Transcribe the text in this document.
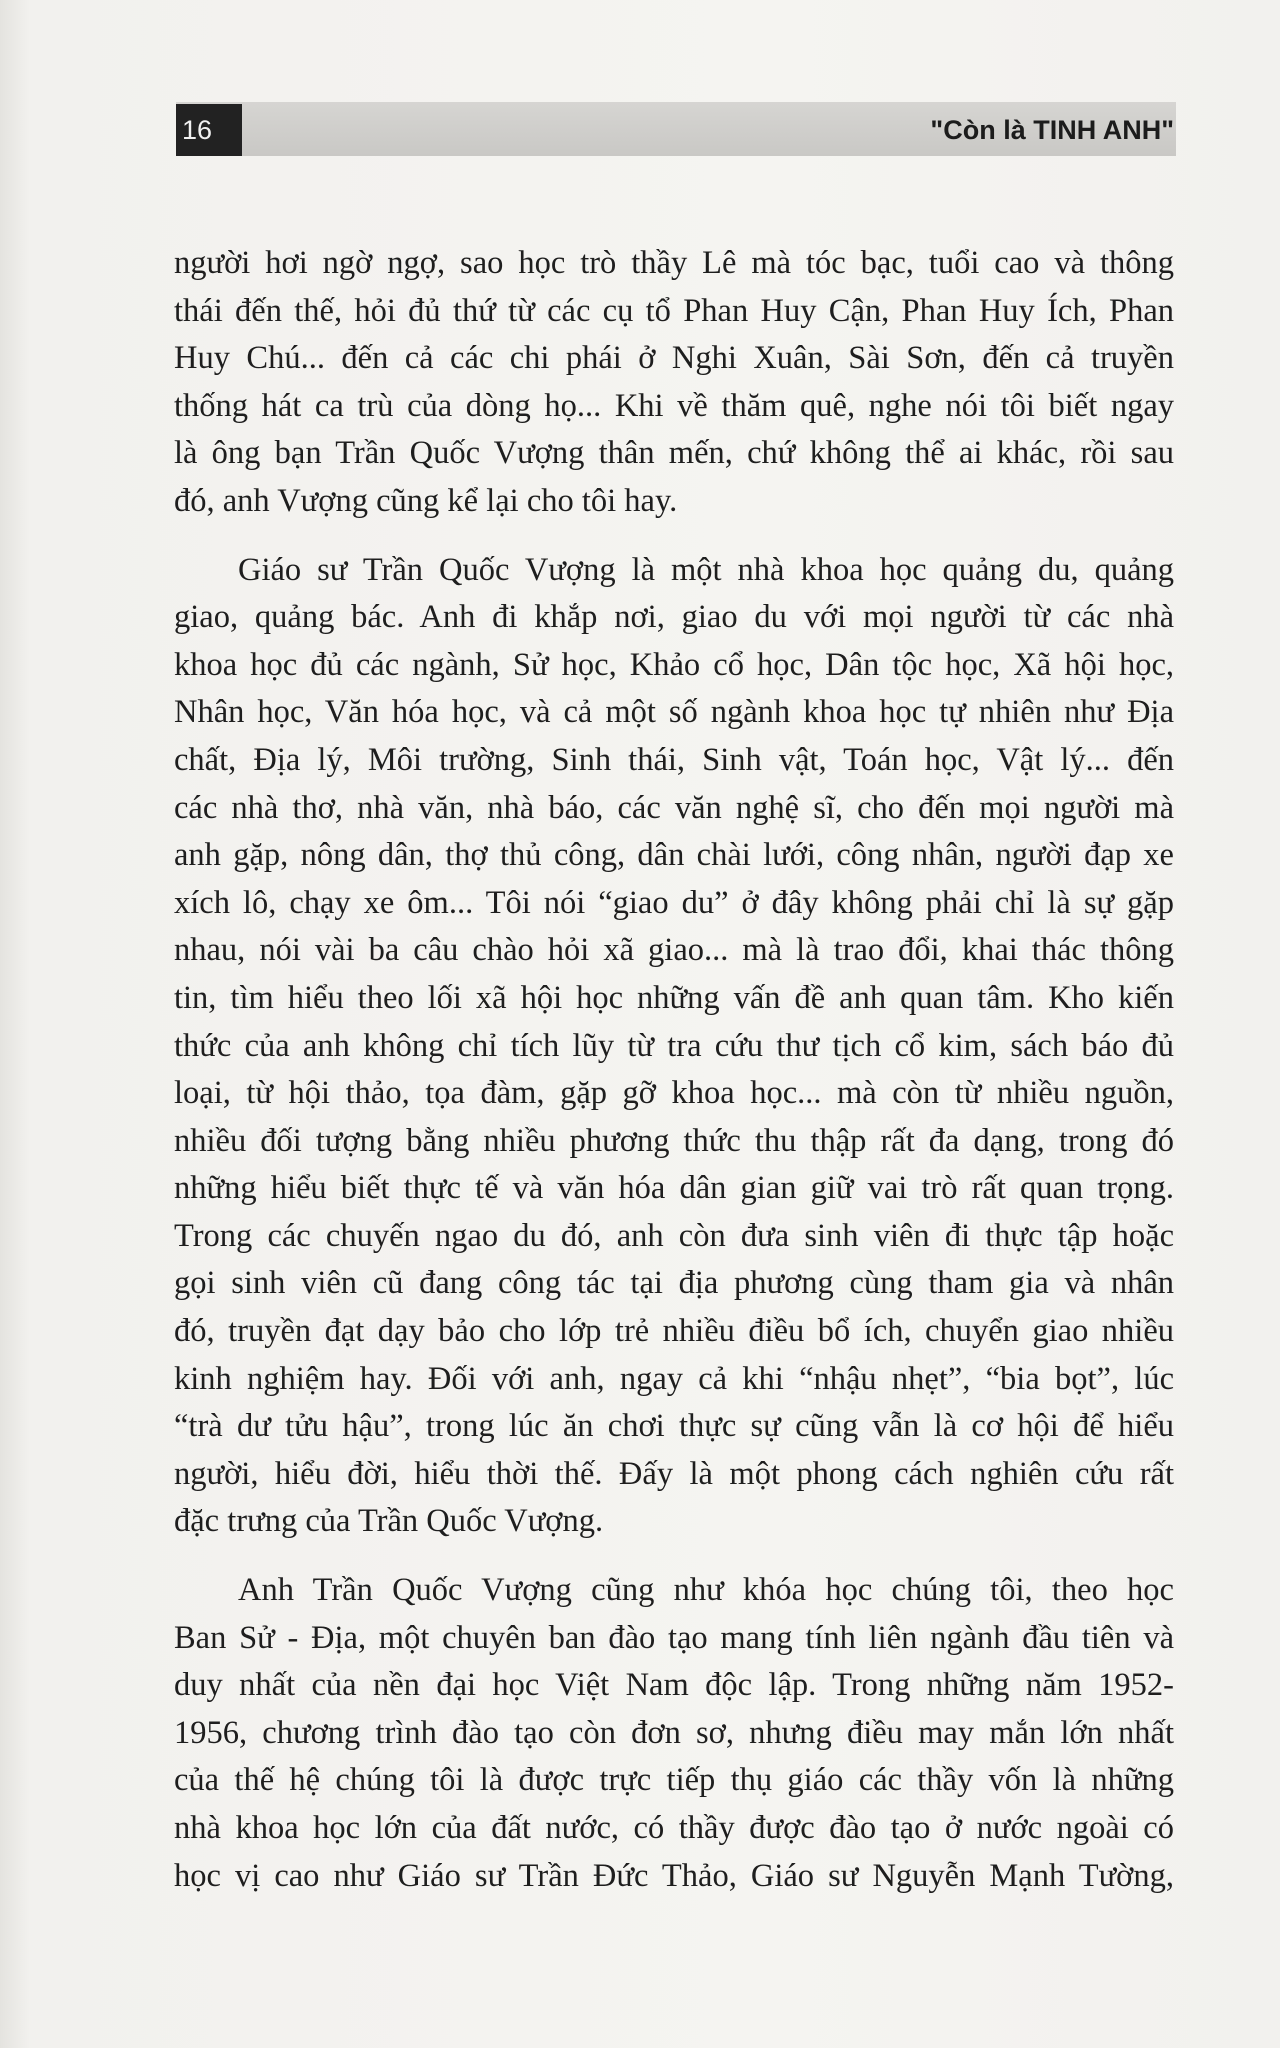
16	"Còn là TINH ANH"
người hơi ngờ ngợ, sao học trò thầy Lê mà tóc bạc, tuổi cao và thông
thái đến thế, hỏi đủ thứ từ các cụ tổ Phan Huy Cận, Phan Huy Ích, Phan
Huy Chú... đến cả các chi phái ở Nghi Xuân, Sài Sơn, đến cả truyền
thống hát ca trù của dòng họ... Khi về thăm quê, nghe nói tôi biết ngay
là ông bạn Trần Quốc Vượng thân mến, chứ không thể ai khác, rồi sau
đó, anh Vượng cũng kể lại cho tôi hay.
Giáo sư Trần Quốc Vượng là một nhà khoa học quảng du, quảng
giao, quảng bác. Anh đi khắp nơi, giao du với mọi người từ các nhà
khoa học đủ các ngành, Sử học, Khảo cổ học, Dân tộc học, Xã hội học,
Nhân học, Văn hóa học, và cả một số ngành khoa học tự nhiên như Địa
chất, Địa lý, Môi trường, Sinh thái, Sinh vật, Toán học, Vật lý... đến
các nhà thơ, nhà văn, nhà báo, các văn nghệ sĩ, cho đến mọi người mà
anh gặp, nông dân, thợ thủ công, dân chài lưới, công nhân, người đạp xe
xích lô, chạy xe ôm... Tôi nói “giao du” ở đây không phải chỉ là sự gặp
nhau, nói vài ba câu chào hỏi xã giao... mà là trao đổi, khai thác thông
tin, tìm hiểu theo lối xã hội học những vấn đề anh quan tâm. Kho kiến
thức của anh không chỉ tích lũy từ tra cứu thư tịch cổ kim, sách báo đủ
loại, từ hội thảo, tọa đàm, gặp gỡ khoa học... mà còn từ nhiều nguồn,
nhiều đối tượng bằng nhiều phương thức thu thập rất đa dạng, trong đó
những hiểu biết thực tế và văn hóa dân gian giữ vai trò rất quan trọng.
Trong các chuyến ngao du đó, anh còn đưa sinh viên đi thực tập hoặc
gọi sinh viên cũ đang công tác tại địa phương cùng tham gia và nhân
đó, truyền đạt dạy bảo cho lớp trẻ nhiều điều bổ ích, chuyển giao nhiều
kinh nghiệm hay. Đối với anh, ngay cả khi “nhậu nhẹt”, “bia bọt”, lúc
“trà dư tửu hậu”, trong lúc ăn chơi thực sự cũng vẫn là cơ hội để hiểu
người, hiểu đời, hiểu thời thế. Đấy là một phong cách nghiên cứu rất
đặc trưng của Trần Quốc Vượng.
Anh Trần Quốc Vượng cũng như khóa học chúng tôi, theo học
Ban Sử - Địa, một chuyên ban đào tạo mang tính liên ngành đầu tiên và
duy nhất của nền đại học Việt Nam độc lập. Trong những năm 1952-
1956, chương trình đào tạo còn đơn sơ, nhưng điều may mắn lớn nhất
của thế hệ chúng tôi là được trực tiếp thụ giáo các thầy vốn là những
nhà khoa học lớn của đất nước, có thầy được đào tạo ở nước ngoài có
học vị cao như Giáo sư Trần Đức Thảo, Giáo sư Nguyễn Mạnh Tường,
